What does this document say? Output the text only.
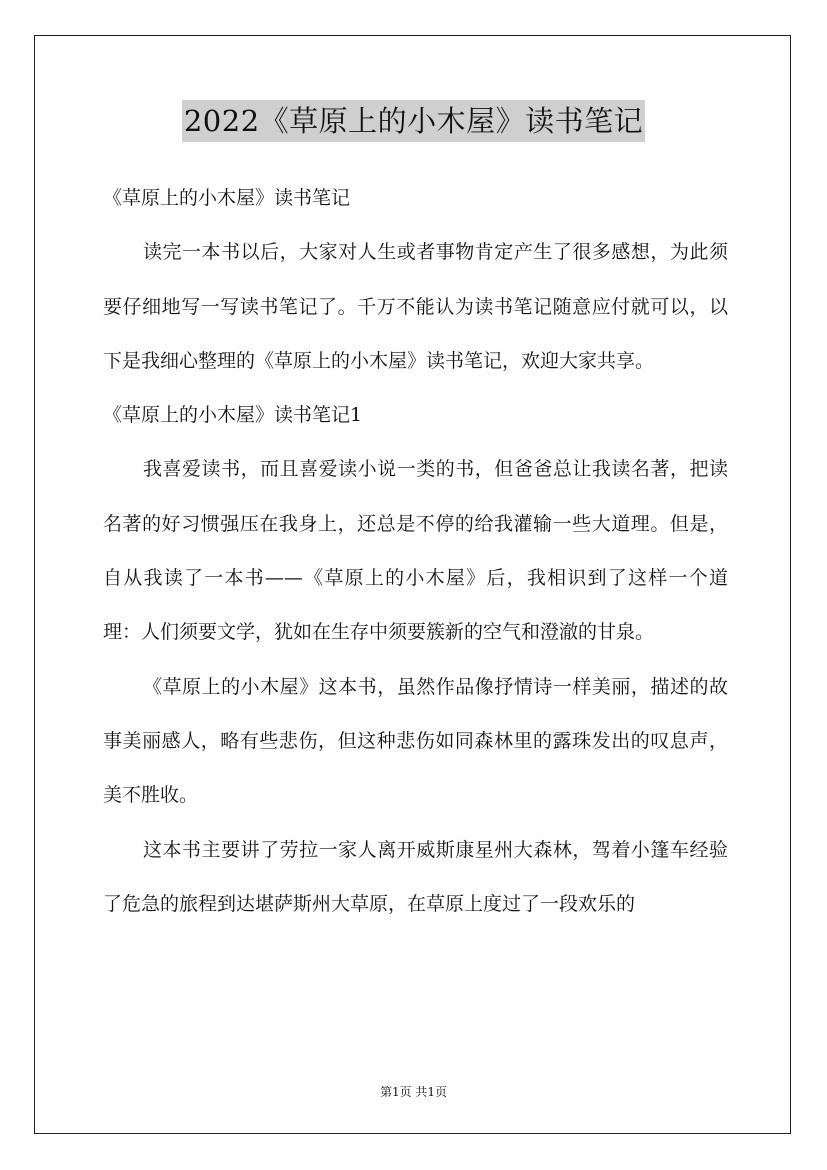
2022《草原上的小木屋》读书笔记

《草原上的小木屋》读书笔记

读完一本书以后，大家对人生或者事物肯定产生了很多感想，为此须要仔细地写一写读书笔记了。千万不能认为读书笔记随意应付就可以，以下是我细心整理的《草原上的小木屋》读书笔记，欢迎大家共享。

《草原上的小木屋》读书笔记1

我喜爱读书，而且喜爱读小说一类的书，但爸爸总让我读名著，把读名著的好习惯强压在我身上，还总是不停的给我灌输一些大道理。但是，自从我读了一本书——《草原上的小木屋》后，我相识到了这样一个道理：人们须要文学，犹如在生存中须要簇新的空气和澄澈的甘泉。

《草原上的小木屋》这本书，虽然作品像抒情诗一样美丽，描述的故事美丽感人，略有些悲伤，但这种悲伤如同森林里的露珠发出的叹息声，美不胜收。

这本书主要讲了劳拉一家人离开威斯康星州大森林，驾着小篷车经验了危急的旅程到达堪萨斯州大草原，在草原上度过了一段欢乐的

第1页 共1页
